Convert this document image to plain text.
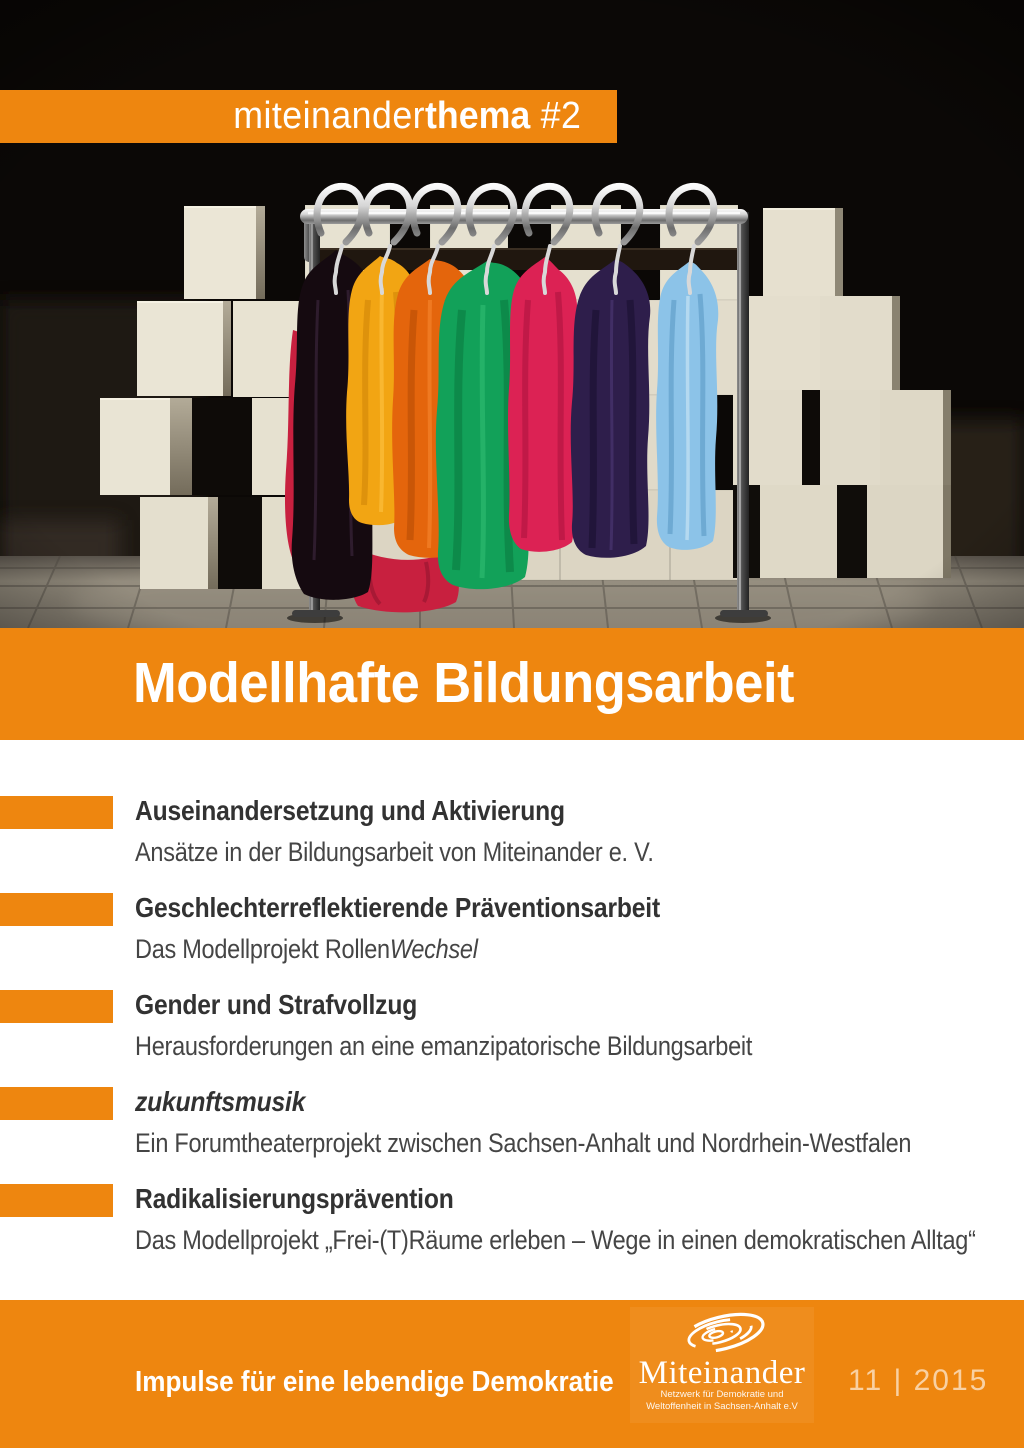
miteinanderthema #2
Modellhafte Bildungsarbeit
Auseinandersetzung und Aktivierung
Ansätze in der Bildungsarbeit von Miteinander e. V.
Geschlechterreflektierende Präventionsarbeit
Das Modellprojekt RollenWechsel
Gender und Strafvollzug
Herausforderungen an eine emanzipatorische Bildungsarbeit
zukunftsmusik
Ein Forumtheaterprojekt zwischen Sachsen-Anhalt und Nordrhein-Westfalen
Radikalisierungsprävention
Das Modellprojekt „Frei-(T)Räume erleben – Wege in einen demokratischen Alltag“
Impulse für eine lebendige Demokratie Miteinander
Netzwerk für Demokratie und
Weltoffenheit in Sachsen-Anhalt e.V
11 | 2015
